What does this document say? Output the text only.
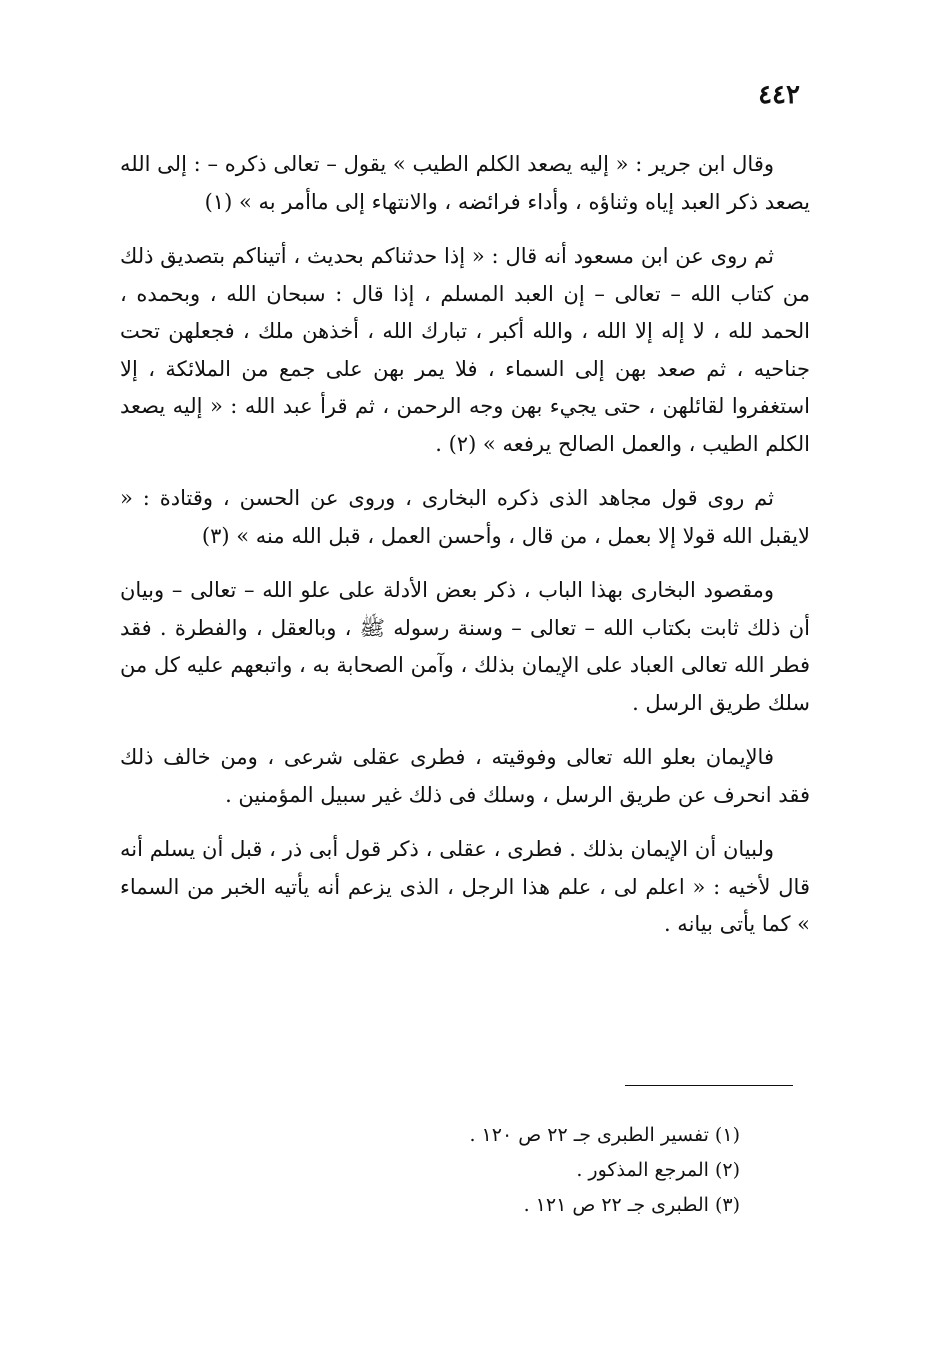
٤٤٢

وقال ابن جرير : « إليه يصعد الكلم الطيب » يقول – تعالى ذكره – : إلى الله يصعد ذكر العبد إياه وثناؤه ، وأداء فرائضه ، والانتهاء إلى ماأمر به » (١)

ثم روى عن ابن مسعود أنه قال : « إذا حدثناكم بحديث ، أتيناكم بتصديق ذلك من كتاب الله – تعالى – إن العبد المسلم ، إذا قال : سبحان الله ، وبحمده ، الحمد لله ، لا إله إلا الله ، والله أكبر ، تبارك الله ، أخذهن ملك ، فجعلهن تحت جناحيه ، ثم صعد بهن إلى السماء ، فلا يمر بهن على جمع من الملائكة ، إلا استغفروا لقائلهن ، حتى يجيء بهن وجه الرحمن ، ثم قرأ عبد الله : « إليه يصعد الكلم الطيب ، والعمل الصالح يرفعه » (٢) .

ثم روى قول مجاهد الذى ذكره البخارى ، وروى عن الحسن ، وقتادة : « لايقبل الله قولا إلا بعمل ، من قال ، وأحسن العمل ، قبل الله منه » (٣)

ومقصود البخارى بهذا الباب ، ذكر بعض الأدلة على علو الله – تعالى – وبيان أن ذلك ثابت بكتاب الله – تعالى – وسنة رسوله ﷺ ، وبالعقل ، والفطرة . فقد فطر الله تعالى العباد على الإيمان بذلك ، وآمن الصحابة به ، واتبعهم عليه كل من سلك طريق الرسل .

فالإيمان بعلو الله تعالى وفوقيته ، فطرى عقلى شرعى ، ومن خالف ذلك فقد انحرف عن طريق الرسل ، وسلك فى ذلك غير سبيل المؤمنين .

ولبيان أن الإيمان بذلك . فطرى ، عقلى ، ذكر قول أبى ذر ، قبل أن يسلم أنه قال لأخيه : « اعلم لى ، علم هذا الرجل ، الذى يزعم أنه يأتيه الخبر من السماء » كما يأتى بيانه .

(١) تفسير الطبرى جـ ٢٢ ص ١٢٠ .

(٢) المرجع المذكور .

(٣) الطبرى جـ ٢٢ ص ١٢١ .
